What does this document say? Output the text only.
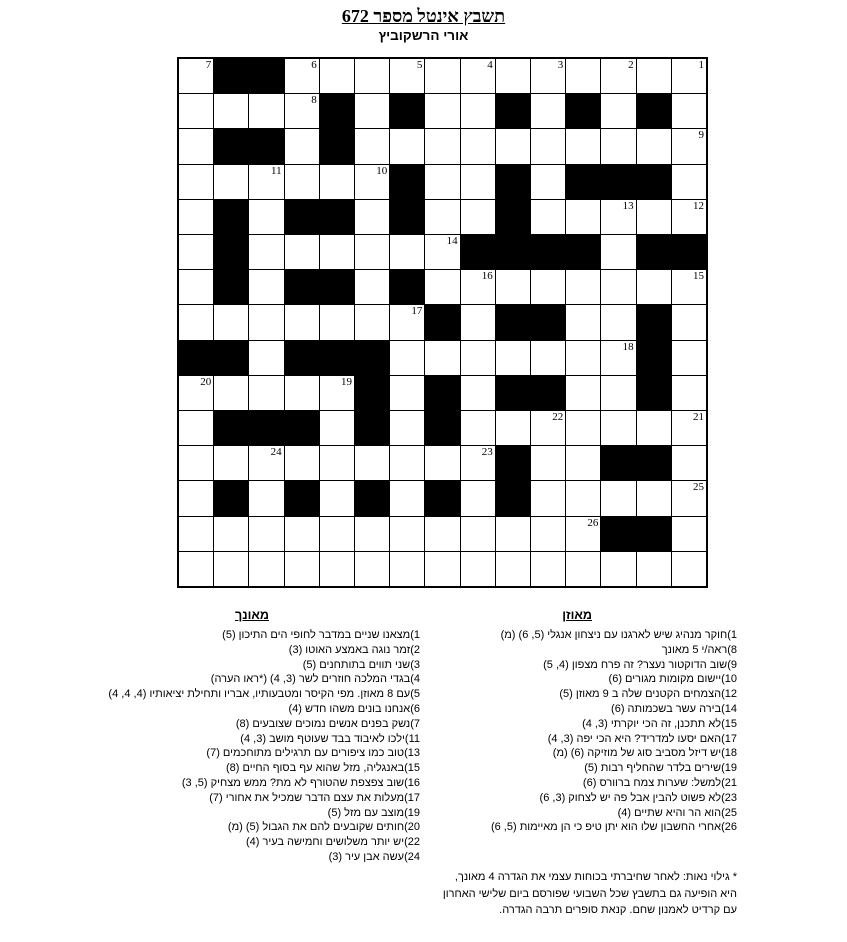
תשבץ אינטל מספר 672
אורי הרשקוביץ
7	6	5	4	3	2	1
8
9
11	10
13	12
14
16	15
17
18
20	19
22	21
24	23
25
26
מאוזן
מאונך
1)חוקר מנהיג שיש לארגנו עם ניצחון אנגלי (5, 6) (מ)
8)ראה/י 5 מאונך
9)שוב הדוקטור נעצר? זה פרח מצפון (4, 5)
10)יישום מקומות מגורים (6)
12)הצמחים הקטנים שלה ב 9 מאוזן (5)
14)בירה עשר בשכמותה (6)
15)לא תתכנן, זה הכי יוקרתי (3, 4)
17)האם יסעו למדריד? היא הכי יפה (3, 4)
18)יש דיזל מסביב סוג של מוזיקה (6) (מ)
19)שירים בלדר שהחליף רבות (5)
21)למשל: שערות צמח ברוורס (6)
23)לא פשוט להבין אבל פה יש לצחוק (3, 6)
25)הוא הר והיא שתיים (4)
26)אחרי החשבון שלו הוא יתן טיפ כי הן מאיימות (5, 6)
1)מצאנו שניים במדבר לחופי הים התיכון (5)
2)זמר נוגה באמצע האוטו (3)
3)שני תווים בתותחנים (5)
4)בגדי המלכה חוזרים לשר (3, 4) (*ראו הערה)
5)עם 8 מאוזן. מפי הקיסר ומטבעותיו, אבריו ותחילת יציאותיו (4, 4, 4)
6)אנחנו בונים משהו חדש (4)
7)נשק בפנים אנשים נמוכים שצובעים (8)
11)ילכו לאיבוד בבד שעוטף מושב (3, 4)
13)טוב כמו ציפורים עם תרגילים מתוחכמים (7)
15)באנגליה, מזל שהוא עף בסוף החיים (8)
16)שוב צפצפת שהטורף לא מת? ממש מצחיק (5, 3)
17)מעלות את עצם הדבר שמכיל את אחורי (7)
19)מוצב עם מזל (5)
20)חותים שקובעים להם את הגבול (5) (מ)
22)יש יותר משלושים וחמישה בעיר (4)
24)עשה אבן עיר (3)
* גילוי נאות: לאחר שחיברתי בכוחות עצמי את הגדרה 4 מאונך,
היא הופיעה גם בתשבץ שכל השבועי שפורסם ביום שלישי האחרון
עם קרדיט לאמנון שחם. קנאת סופרים תרבה הגדרה.
